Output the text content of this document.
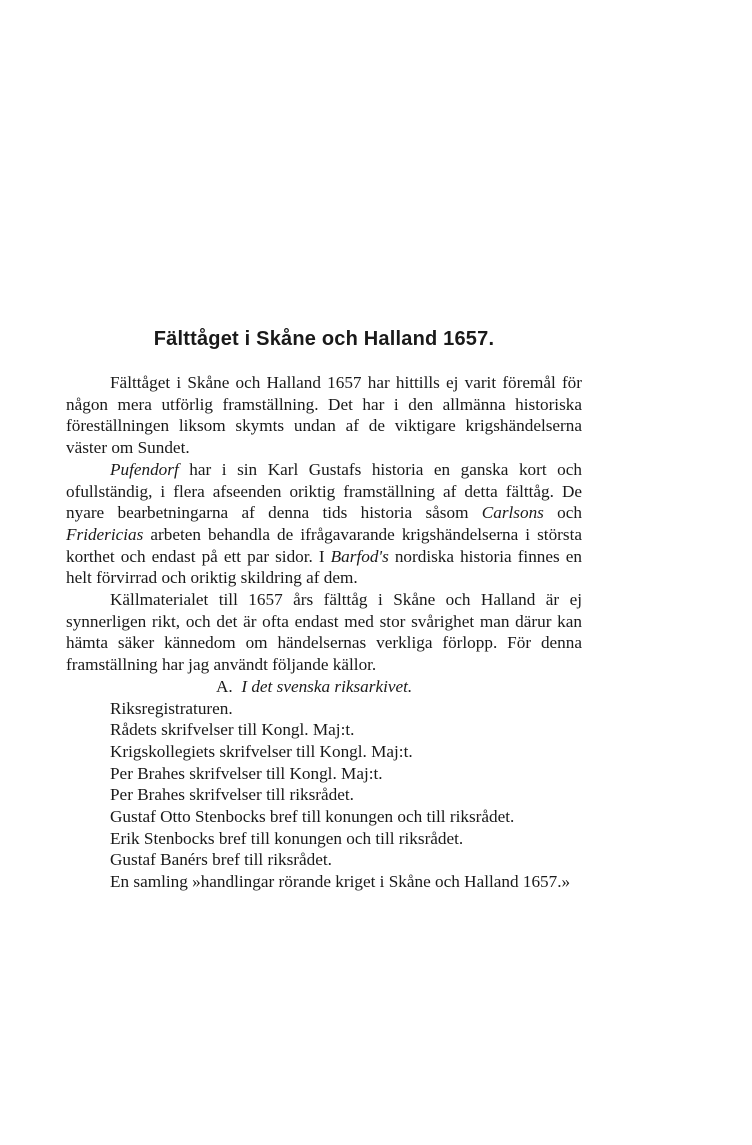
Fälttåget i Skåne och Halland 1657.

Fälttåget i Skåne och Halland 1657 har hittills ej varit föremål för någon mera utförlig framställning. Det har i den allmänna historiska föreställningen liksom skymts undan af de viktigare krigshändelserna väster om Sundet.

Pufendorf har i sin Karl Gustafs historia en ganska kort och ofullständig, i flera afseenden oriktig framställning af detta fälttåg. De nyare bearbetningarna af denna tids historia såsom Carlsons och Fridericias arbeten behandla de ifrågavarande krigshändelserna i största korthet och endast på ett par sidor. I Barfod's nordiska historia finnes en helt förvirrad och oriktig skildring af dem.

Källmaterialet till 1657 års fälttåg i Skåne och Halland är ej synnerligen rikt, och det är ofta endast med stor svårighet man därur kan hämta säker kännedom om händelsernas verkliga förlopp. För denna framställning har jag användt följande källor.

A. I det svenska riksarkivet.

Riksregistraturen.

Rådets skrifvelser till Kongl. Maj:t.

Krigskollegiets skrifvelser till Kongl. Maj:t.

Per Brahes skrifvelser till Kongl. Maj:t.

Per Brahes skrifvelser till riksrådet.

Gustaf Otto Stenbocks bref till konungen och till riksrådet.

Erik Stenbocks bref till konungen och till riksrådet.

Gustaf Banérs bref till riksrådet.

En samling »handlingar rörande kriget i Skåne och Halland 1657.»
